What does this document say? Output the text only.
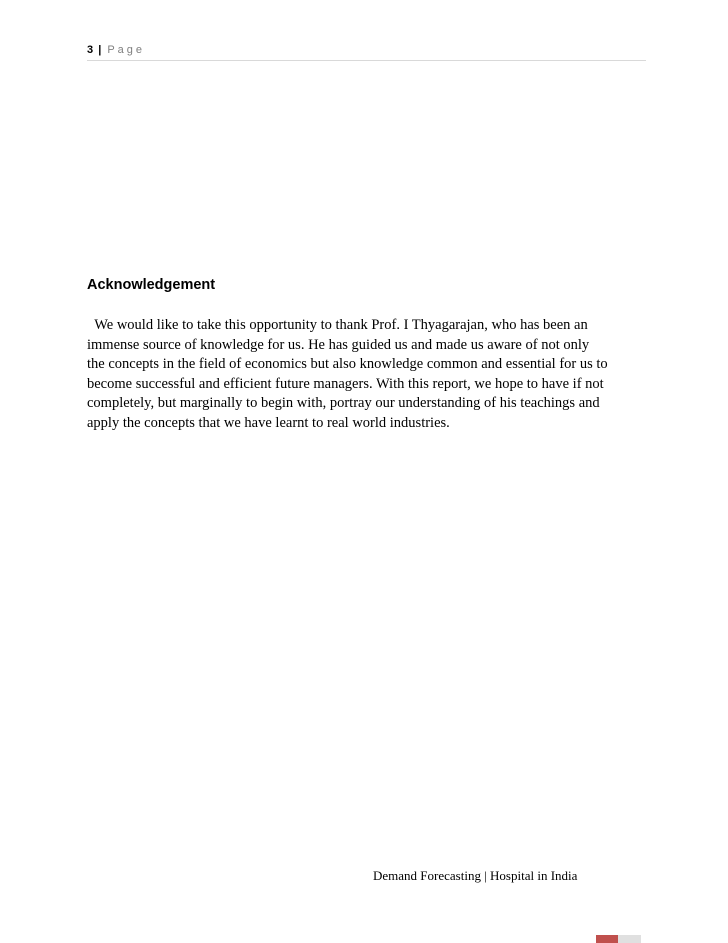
3 | Page
Acknowledgement

We would like to take this opportunity to thank Prof. I Thyagarajan, who has been an
immense source of knowledge for us. He has guided us and made us aware of not only
the concepts in the field of economics but also knowledge common and essential for us to
become successful and efficient future managers. With this report, we hope to have if not
completely, but marginally to begin with, portray our understanding of his teachings and
apply the concepts that we have learnt to real world industries.

Demand Forecasting | Hospital in India
